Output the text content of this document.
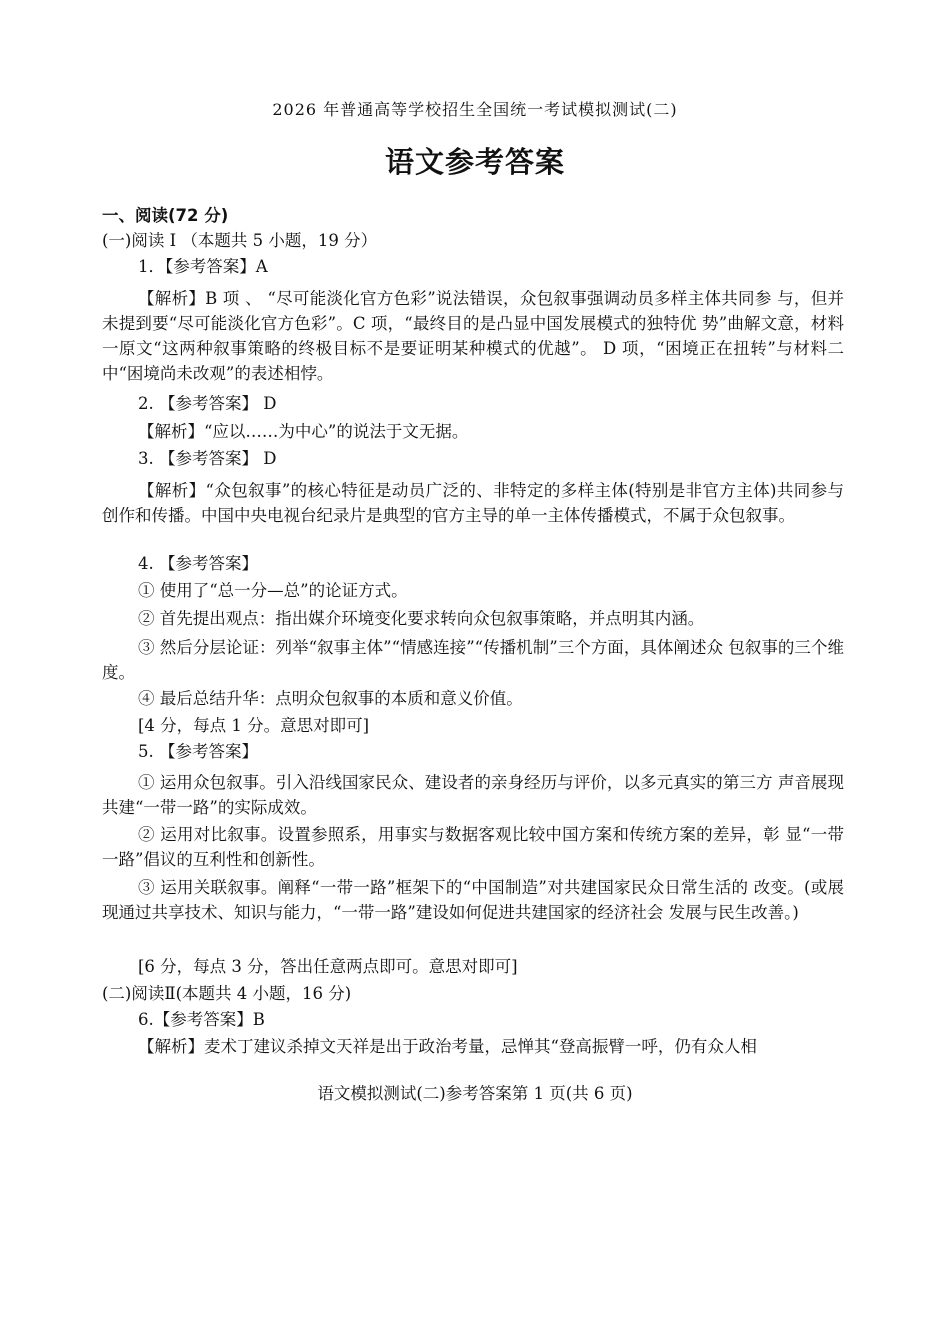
2026 年普通高等学校招生全国统一考试模拟测试(二)
语文参考答案
一、阅读(72 分)
(一)阅读 I （本题共 5 小题，19 分）
1．【参考答案】A
【解析】B 项 、 “尽可能淡化官方色彩”说法错误，众包叙事强调动员多样主体共同参 与，但并未提到要“尽可能淡化官方色彩”。C 项，“最终目的是凸显中国发展模式的独特优 势”曲解文意，材料一原文“这两种叙事策略的终极目标不是要证明某种模式的优越”。 D 项，“困境正在扭转”与材料二中“困境尚未改观”的表述相悖。
2. 【参考答案】 D
【解析】“应以……为中心”的说法于文无据。
3. 【参考答案】 D
【解析】“众包叙事”的核心特征是动员广泛的、非特定的多样主体(特别是非官方主体)共同参与创作和传播。中国中央电视台纪录片是典型的官方主导的单一主体传播模式，不属于众包叙事。
4. 【参考答案】
① 使用了“总一分—总”的论证方式。
② 首先提出观点：指出媒介环境变化要求转向众包叙事策略，并点明其内涵。
③ 然后分层论证：列举“叙事主体”“情感连接”“传播机制”三个方面，具体阐述众 包叙事的三个维度。
④ 最后总结升华：点明众包叙事的本质和意义价值。
[4 分，每点 1 分。意思对即可]
5. 【参考答案】
① 运用众包叙事。引入沿线国家民众、建设者的亲身经历与评价，以多元真实的第三方 声音展现共建“一带一路”的实际成效。
② 运用对比叙事。设置参照系，用事实与数据客观比较中国方案和传统方案的差异，彰 显“一带一路”倡议的互利性和创新性。
③ 运用关联叙事。阐释“一带一路”框架下的“中国制造”对共建国家民众日常生活的 改变。(或展现通过共享技术、知识与能力，“一带一路”建设如何促进共建国家的经济社会 发展与民生改善。)
[6 分，每点 3 分，答出任意两点即可。意思对即可]
(二)阅读Ⅱ(本题共 4 小题，16 分)
6.【参考答案】B
【解析】麦术丁建议杀掉文天祥是出于政治考量，忌惮其“登高振臂一呼，仍有众人相
语文模拟测试(二)参考答案第 1 页(共 6 页)
